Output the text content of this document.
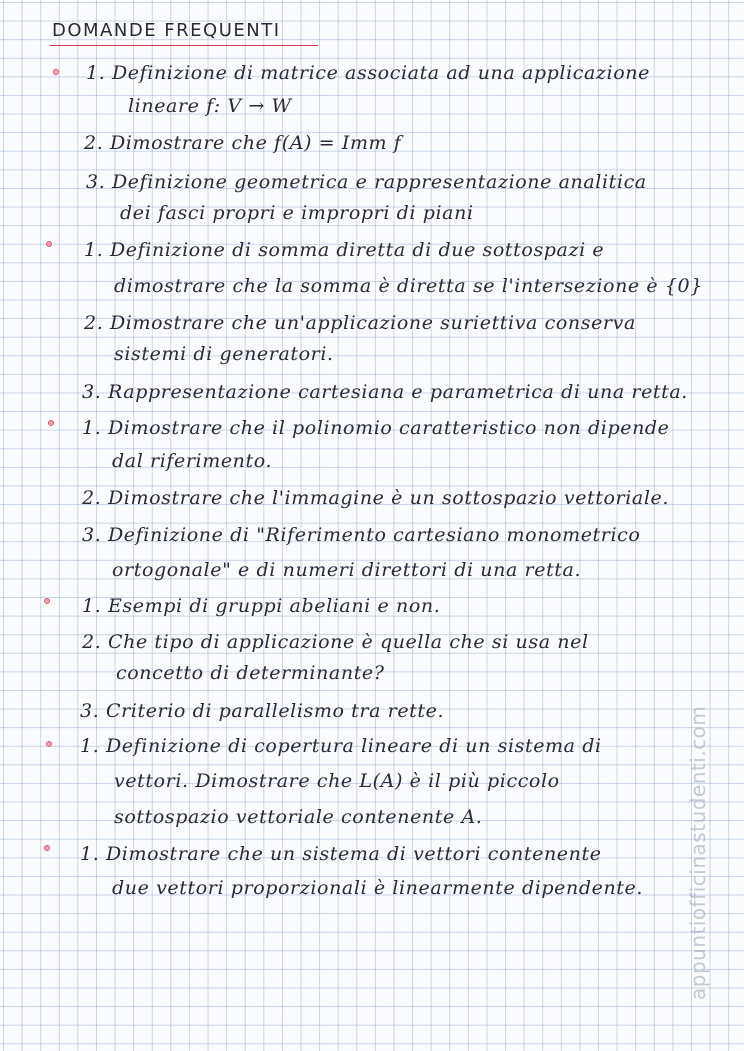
DOMANDE FREQUENTI
1. Definizione di matrice associata ad una applicazione
lineare f: V → W
2. Dimostrare che f(A) = Imm f
3. Definizione geometrica e rappresentazione analitica
dei fasci propri e impropri di piani
1. Definizione di somma diretta di due sottospazi e
dimostrare che la somma è diretta se l'intersezione è {0}
2. Dimostrare che un'applicazione suriettiva conserva
sistemi di generatori.
3. Rappresentazione cartesiana e parametrica di una retta.
1. Dimostrare che il polinomio caratteristico non dipende
dal riferimento.
2. Dimostrare che l'immagine è un sottospazio vettoriale.
3. Definizione di "Riferimento cartesiano monometrico
ortogonale" e di numeri direttori di una retta.
1. Esempi di gruppi abeliani e non.
2. Che tipo di applicazione è quella che si usa nel
concetto di determinante?
3. Criterio di parallelismo tra rette.
1. Definizione di copertura lineare di un sistema di
vettori. Dimostrare che L(A) è il più piccolo
sottospazio vettoriale contenente A.
1. Dimostrare che un sistema di vettori contenente
due vettori proporzionali è linearmente dipendente. appuntiofficinastudenti.com
